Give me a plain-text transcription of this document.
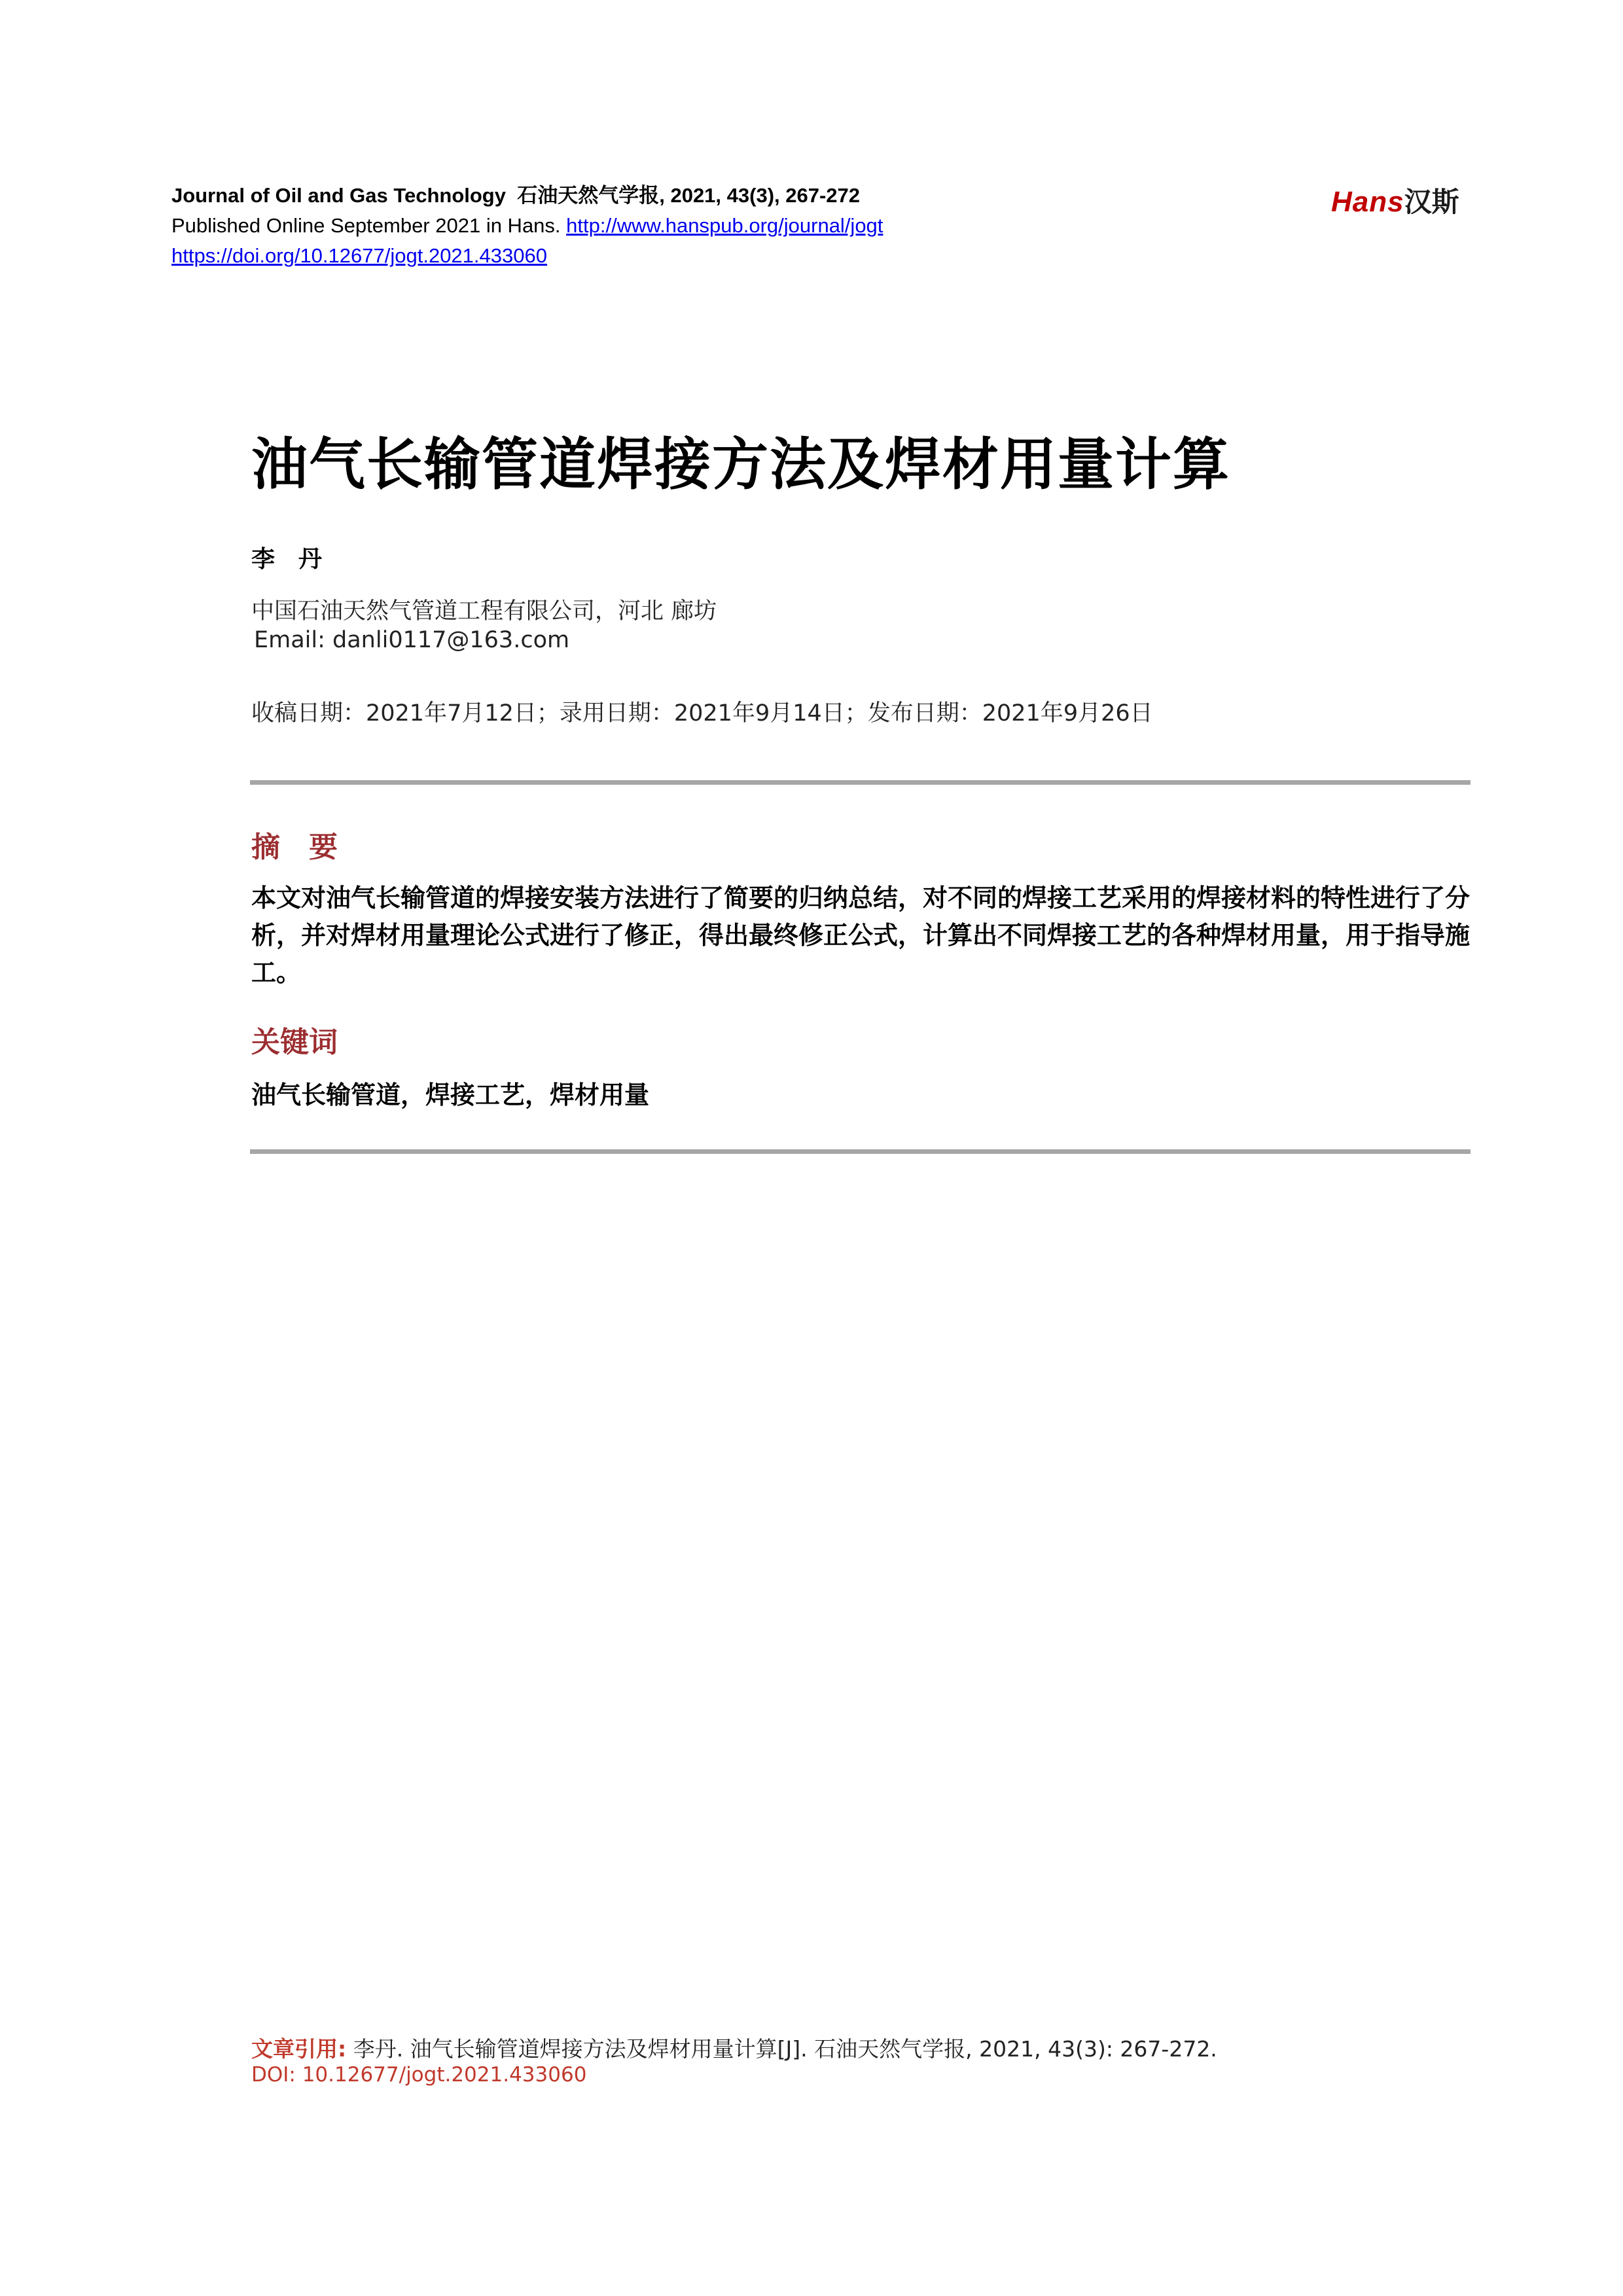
Journal of Oil and Gas Technology 石油天然气学报, 2021, 43(3), 267-272
Published Online September 2021 in Hans. http://www.hanspub.org/journal/jogt
https://doi.org/10.12677/jogt.2021.433060
Hans汉斯
油气长输管道焊接方法及焊材用量计算
李丹
中国石油天然气管道工程有限公司，河北 廊坊
Email: danli0117@163.com
收稿日期：2021年7月12日；录用日期：2021年9月14日；发布日期：2021年9月26日
摘　要
本文对油气长输管道的焊接安装方法进行了简要的归纳总结，对不同的焊接工艺采用的焊接材料的特性进行了分析，并对焊材用量理论公式进行了修正，得出最终修正公式，计算出不同焊接工艺的各种焊材用量，用于指导施工。
关键词
油气长输管道，焊接工艺，焊材用量
文章引用: 李丹. 油气长输管道焊接方法及焊材用量计算[J]. 石油天然气学报, 2021, 43(3): 267-272.
DOI: 10.12677/jogt.2021.433060
